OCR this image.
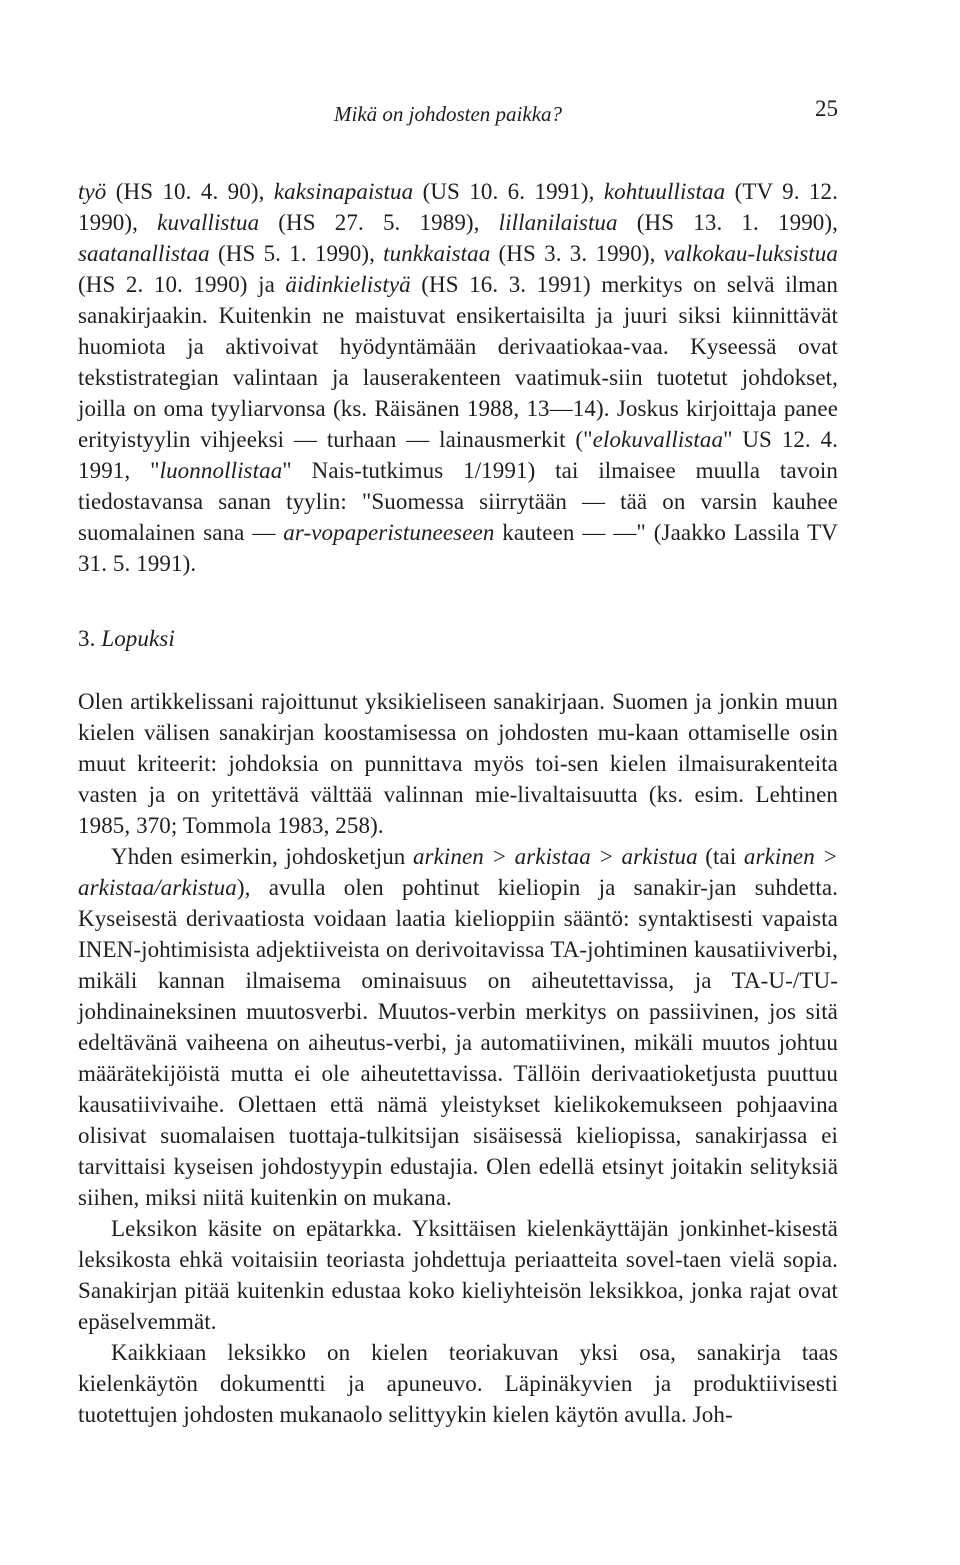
Mikä on johdosten paikka?	25

työ (HS 10. 4. 90), kaksinapaistua (US 10. 6. 1991), kohtuullistaa (TV 9. 12. 1990), kuvallistua (HS 27. 5. 1989), lillanilaistua (HS 13. 1. 1990), saatanallistaa (HS 5. 1. 1990), tunkkaistaa (HS 3. 3. 1990), valkokau-luksistua (HS 2. 10. 1990) ja äidinkielistyä (HS 16. 3. 1991) merkitys on selvä ilman sanakirjaakin. Kuitenkin ne maistuvat ensikertaisilta ja juuri siksi kiinnittävät huomiota ja aktivoivat hyödyntämään derivaatiokaa-vaa. Kyseessä ovat tekstistrategian valintaan ja lauserakenteen vaatimuk-siin tuotetut johdokset, joilla on oma tyyliarvonsa (ks. Räisänen 1988, 13—14). Joskus kirjoittaja panee erityistyylin vihjeeksi — turhaan — lainausmerkit ("elokuvallistaa" US 12. 4. 1991, "luonnollistaa" Nais-tutkimus 1/1991) tai ilmaisee muulla tavoin tiedostavansa sanan tyylin: "Suomessa siirrytään — tää on varsin kauhee suomalainen sana — ar-vopaperistuneeseen kauteen — —" (Jaakko Lassila TV 31. 5. 1991).

3. Lopuksi

Olen artikkelissani rajoittunut yksikieliseen sanakirjaan. Suomen ja jonkin muun kielen välisen sanakirjan koostamisessa on johdosten mu-kaan ottamiselle osin muut kriteerit: johdoksia on punnittava myös toi-sen kielen ilmaisurakenteita vasten ja on yritettävä välttää valinnan mie-livaltaisuutta (ks. esim. Lehtinen 1985, 370; Tommola 1983, 258).

Yhden esimerkin, johdosketjun arkinen > arkistaa > arkistua (tai arkinen > arkistaa/arkistua), avulla olen pohtinut kieliopin ja sanakir-jan suhdetta. Kyseisestä derivaatiosta voidaan laatia kielioppiin sääntö: syntaktisesti vapaista INEN-johtimisista adjektiiveista on derivoitavissa TA-johtiminen kausatiiviverbi, mikäli kannan ilmaisema ominaisuus on aiheutettavissa, ja TA-U-/TU-johdinaineksinen muutosverbi. Muutos-verbin merkitys on passiivinen, jos sitä edeltävänä vaiheena on aiheutus-verbi, ja automatiivinen, mikäli muutos johtuu määrätekijöistä mutta ei ole aiheutettavissa. Tällöin derivaatioketjusta puuttuu kausatiivivaihe. Olettaen että nämä yleistykset kielikokemukseen pohjaavina olisivat suomalaisen tuottaja-tulkitsijan sisäisessä kieliopissa, sanakirjassa ei tarvittaisi kyseisen johdostyypin edustajia. Olen edellä etsinyt joitakin selityksiä siihen, miksi niitä kuitenkin on mukana.

Leksikon käsite on epätarkka. Yksittäisen kielenkäyttäjän jonkinhet-kisestä leksikosta ehkä voitaisiin teoriasta johdettuja periaatteita sovel-taen vielä sopia. Sanakirjan pitää kuitenkin edustaa koko kieliyhteisön leksikkoa, jonka rajat ovat epäselvemmät.

Kaikkiaan leksikko on kielen teoriakuvan yksi osa, sanakirja taas kielenkäytön dokumentti ja apuneuvo. Läpinäkyvien ja produktiivisesti tuotettujen johdosten mukanaolo selittyykin kielen käytön avulla. Joh-
